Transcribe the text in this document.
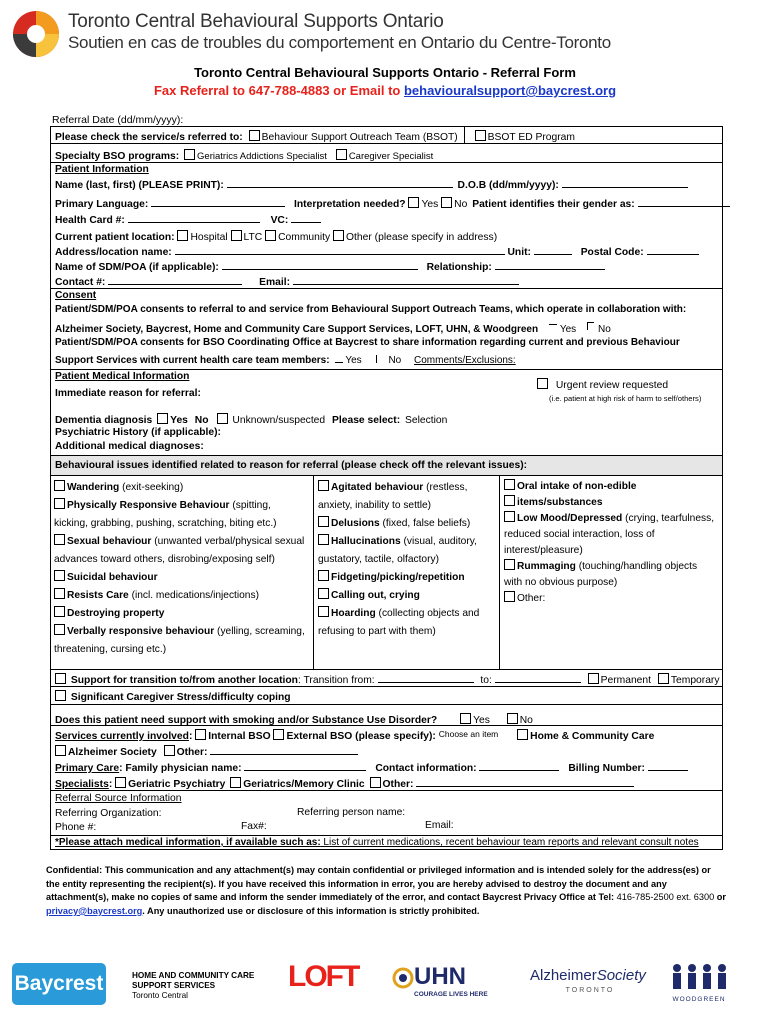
Toronto Central Behavioural Supports Ontario
Soutien en cas de troubles du comportement en Ontario du Centre-Toronto
Toronto Central Behavioural Supports Ontario - Referral Form
Fax Referral to 647-788-4883 or Email to behaviouralsupport@baycrest.org
Referral Date (dd/mm/yyyy):
Please check the service/s referred to: Behaviour Support Outreach Team (BSOT)	BSOT ED Program
Specialty BSO programs: Geriatrics Addictions Specialist Caregiver Specialist
Patient Information
Name (last, first) (PLEASE PRINT):	D.O.B (dd/mm/yyyy):
Primary Language:	Interpretation needed? Yes No Patient identifies their gender as:
Health Card #:	VC:
Current patient location: Hospital LTC Community Other (please specify in address)
Address/location name:	Unit:	Postal Code:
Name of SDM/POA (if applicable):	Relationship:
Contact #:	Email:
Consent
Patient/SDM/POA consents to referral to and service from Behavioural Support Outreach Teams, which operate in collaboration with:
Alzheimer Society, Baycrest, Home and Community Care Support Services, LOFT, UHN, & Woodgreen Yes No
Patient/SDM/POA consents for BSO Coordinating Office at Baycrest to share information regarding current and previous Behaviour
Support Services with current health care team members: Yes	No Comments/Exclusions:
Patient Medical Information
Immediate reason for referral:
Urgent review requested
(i.e. patient at high risk of harm to self/others)
Dementia diagnosis Yes No Unknown/suspected Please select: Selection
Psychiatric History (if applicable):
Additional medical diagnoses:
Behavioural issues identified related to reason for referral (please check off the relevant issues):
Wandering (exit-seeking)
Physically Responsive Behaviour (spitting,
kicking, grabbing, pushing, scratching, biting etc.)
Sexual behaviour (unwanted verbal/physical sexual
advances toward others, disrobing/exposing self)
Suicidal behaviour
Resists Care (incl. medications/injections)
Destroying property
Verbally responsive behaviour (yelling, screaming,
threatening, cursing etc.)
Agitated behaviour (restless,
anxiety, inability to settle)
Delusions (fixed, false beliefs)
Hallucinations (visual, auditory,
gustatory, tactile, olfactory)
Fidgeting/picking/repetition
Calling out, crying
Hoarding (collecting objects and
refusing to part with them)
Oral intake of non-edible
items/substances
Low Mood/Depressed (crying, tearfulness,
reduced social interaction, loss of
interest/pleasure)
Rummaging (touching/handling objects
with no obvious purpose)
Other:
Support for transition to/from another location: Transition from:	to:	Permanent Temporary
Significant Caregiver Stress/difficulty coping
Does this patient need support with smoking and/or Substance Use Disorder?	Yes	No
Services currently involved: Internal BSO External BSO (please specify): Choose an item	Home & Community Care
Alzheimer Society Other:
Primary Care: Family physician name:	Contact information:	Billing Number:
Specialists: Geriatric Psychiatry Geriatrics/Memory Clinic Other:
Referral Source Information
Referring Organization:	Referring person name:
Phone #:	Fax#:	Email:
*Please attach medical information, if available such as: List of current medications, recent behaviour team reports and relevant consult notes
Confidential: This communication and any attachment(s) may contain confidential or privileged information and is intended solely for the address(es) or the entity representing the recipient(s). If you have received this information in error, you are hereby advised to destroy the document and any attachment(s), make no copies of same and inform the sender immediately of the error, and contact Baycrest Privacy Office at Tel: 416-785-2500 ext. 6300 or privacy@baycrest.org. Any unauthorized use or disclosure of this information is strictly prohibited.
Baycrest	HOME AND COMMUNITY CARE
SUPPORT SERVICES
Toronto Central
LOFT UHN
COURAGE LIVES HERE
AlzheimerSociety
TORONTO
WOODGREEN
